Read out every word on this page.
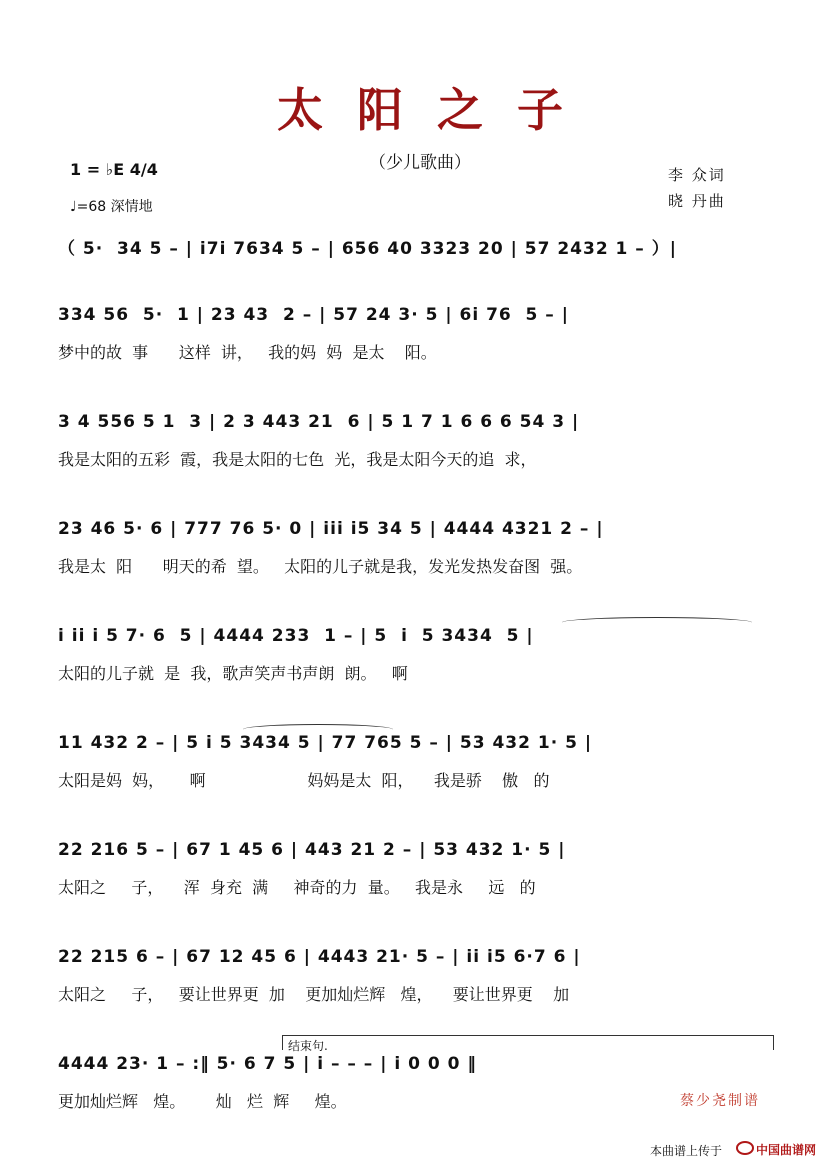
太阳之子
（少儿歌曲）
1 = ♭E 4/4
♩=68 深情地
李 众词
晓 丹曲
（ 5·  34 5 – | i7i 7634 5 – | 656 40 3323 20 | 57 2432 1 – ）|
334 56  5·  1 | 23 43  2 – | 57 24 3· 5 | 6i 76  5 – |
梦中的故  事      这样  讲，   我的妈  妈  是太    阳。
3 4 556 5 1  3 | 2 3 443 21  6 | 5 1 7 1 6 6 6 54 3 |
我是太阳的五彩  霞，我是太阳的七色  光，我是太阳今天的追  求，
23 46 5· 6 | 777 76 5· 0 | iii i5 34 5 | 4444 4321 2 – |
我是太  阳      明天的希  望。   太阳的儿子就是我，发光发热发奋图  强。
i ii i 5 7· 6  5 | 4444 233  1 – | 5  i  5 3434  5 |
太阳的儿子就  是  我，歌声笑声书声朗  朗。   啊
11 432 2 – | 5 i 5 3434 5 | 77 765 5 – | 53 432 1· 5 |
太阳是妈  妈，     啊                    妈妈是太  阳，    我是骄    傲   的
22 216 5 – | 67 1 45 6 | 443 21 2 – | 53 432 1· 5 |
太阳之     子，    浑  身充  满     神奇的力  量。   我是永     远   的
22 215 6 – | 67 12 45 6 | 4443 21· 5 – | ii i5 6·7 6 |
太阳之     子，   要让世界更  加    更加灿烂辉   煌，    要让世界更    加
结束句.
4444 23· 1 – :‖ 5· 6 7 5 | i – – – | i 0 0 0 ‖
更加灿烂辉   煌。      灿   烂  辉     煌。	蔡少尧制谱
本曲谱上传于	中国曲谱网
